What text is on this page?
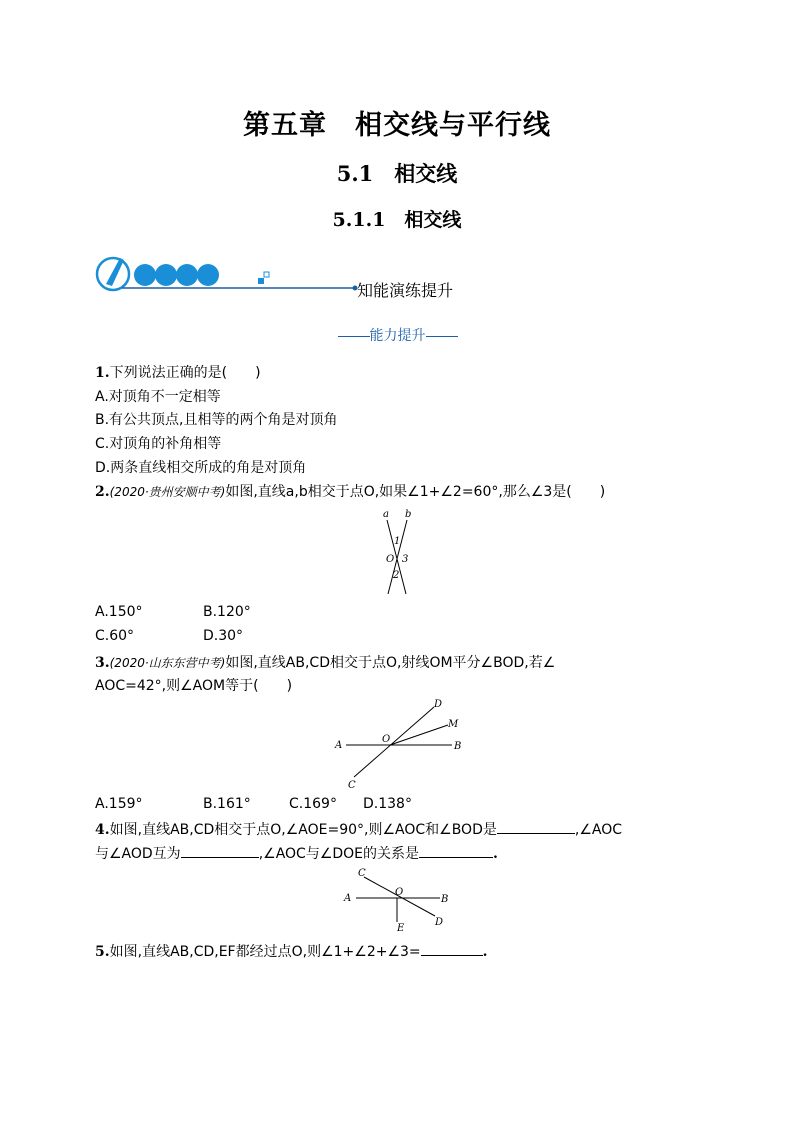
第五章　相交线与平行线
5.1　相交线
5.1.1　相交线
知能演练提升
能力提升
1.下列说法正确的是(　　)
A.对顶角不一定相等
B.有公共顶点,且相等的两个角是对顶角
C.对顶角的补角相等
D.两条直线相交所成的角是对顶角
2.(2020·贵州安顺中考)如图,直线a,b相交于点O,如果∠1+∠2=60°,那么∠3是(　　)
a b
O
1
2
3
A.150°	B.120°
C.60°	D.30°
3.(2020·山东东营中考)如图,直线AB,CD相交于点O,射线OM平分∠BOD,若∠
AOC=42°,则∠AOM等于(　　)
A	B
C
D
M
O
A.159°	B.161°	C.169° D.138°
4.如图,直线AB,CD相交于点O,∠AOE=90°,则∠AOC和∠BOD是	,∠AOC
与∠AOD互为	,∠AOC与∠DOE的关系是	.
A	B
C
D
E
O
5.如图,直线AB,CD,EF都经过点O,则∠1+∠2+∠3=	.
